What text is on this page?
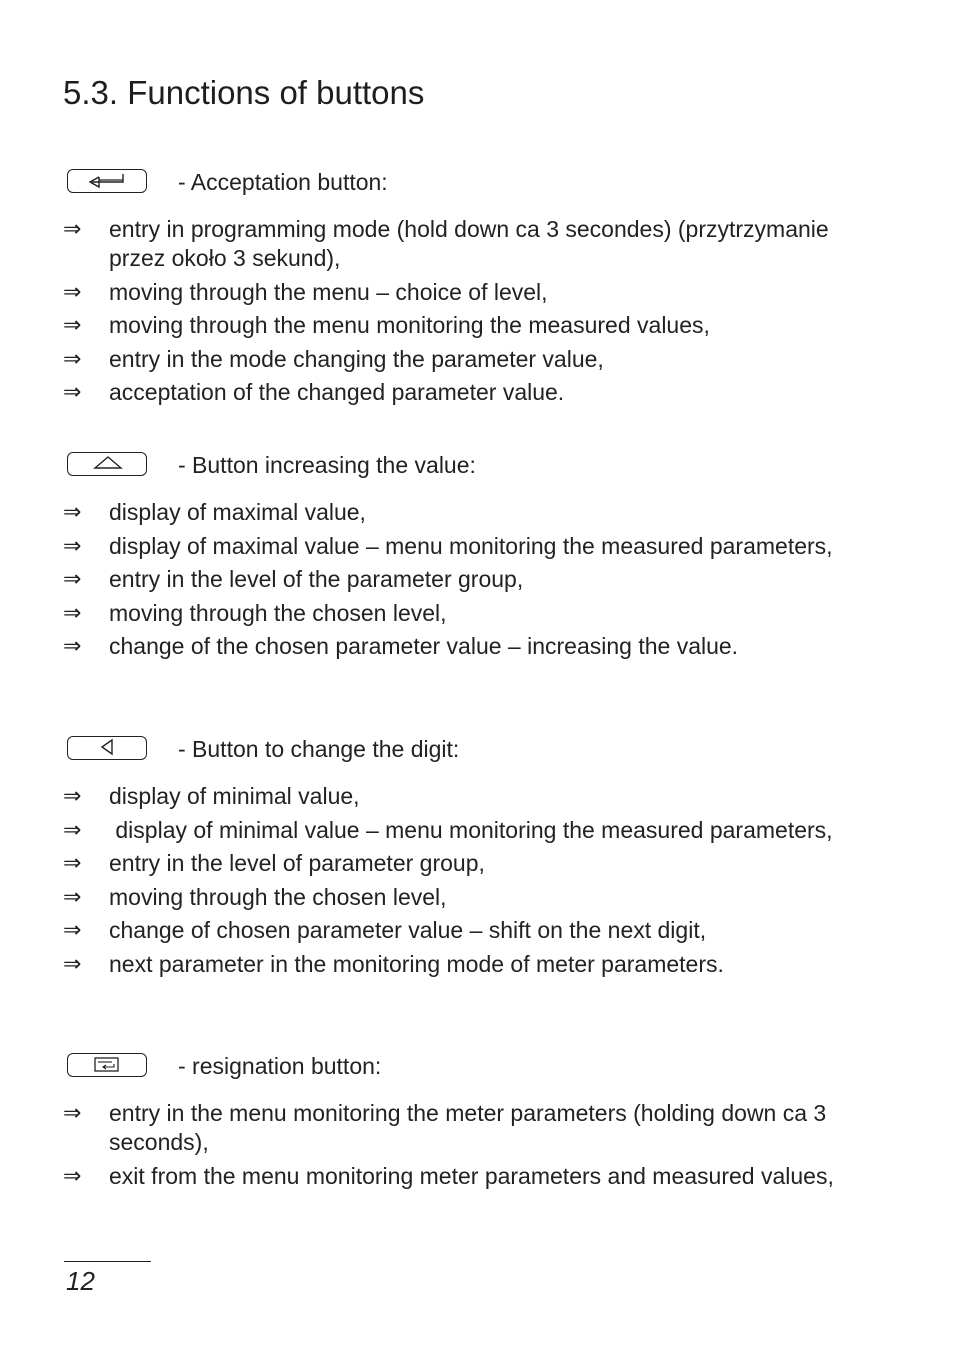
5.3. Functions of buttons
- Acceptation button:
⇒ entry in programming mode (hold down ca 3 secondes) (przytrzymanie przez około 3 sekund),
⇒ moving through the menu – choice of level,
⇒ moving through the menu monitoring the measured values,
⇒ entry in the mode changing the parameter value,
⇒ acceptation of the changed parameter value.
- Button increasing the value:
⇒ display of maximal value,
⇒ display of maximal value – menu monitoring the measured parameters,
⇒ entry in the level of the parameter group,
⇒ moving through the chosen level,
⇒ change of the chosen parameter value – increasing the value.
- Button to change the digit:
⇒ display of minimal value,
⇒ display of minimal value – menu monitoring the measured parameters,
⇒ entry in the level of parameter group,
⇒ moving through the chosen level,
⇒ change of chosen parameter value – shift on the next digit,
⇒ next parameter in the monitoring mode of meter parameters.
- resignation button:
⇒ entry in the menu monitoring the meter parameters (holding down ca 3 seconds),
⇒ exit from the menu monitoring meter parameters and measured values,
12
